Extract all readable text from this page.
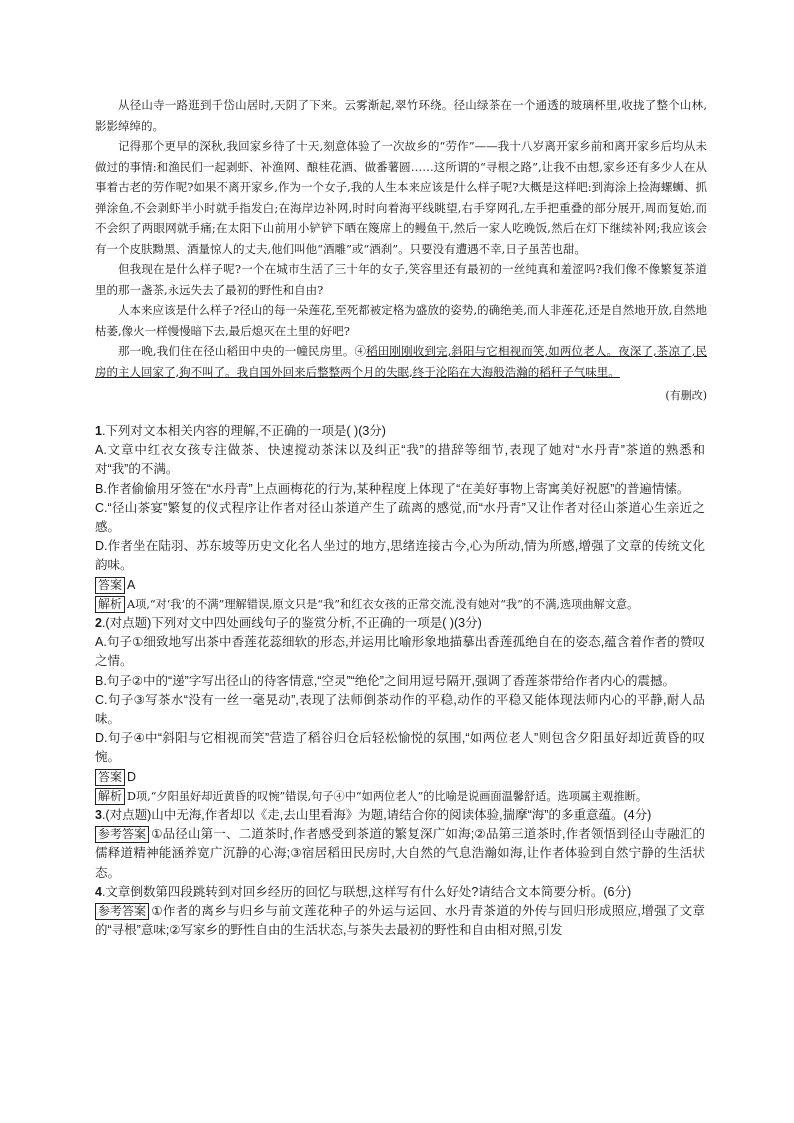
从径山寺一路逛到千岱山居时,天阴了下来。云雾渐起,翠竹环绕。径山绿茶在一个通透的玻璃杯里,收拢了整个山林,影影绰绰的。

记得那个更早的深秋,我回家乡待了十天,刻意体验了一次故乡的“劳作”——我十八岁离开家乡前和离开家乡后均从未做过的事情:和渔民们一起剥虾、补渔网、酿桂花酒、做番薯圆……这所谓的“寻根之路”,让我不由想,家乡还有多少人在从事着古老的劳作呢?如果不离开家乡,作为一个女子,我的人生本来应该是什么样子呢?大概是这样吧:到海涂上捡海螺蛳、抓弹涂鱼,不会剥虾半小时就手指发白;在海岸边补网,时时向着海平线眺望,右手穿网孔,左手把重叠的部分展开,周而复始,而不会织了两眼网就手痛;在太阳下山前用小铲铲下晒在篾席上的鳗鱼干,然后一家人吃晚饭,然后在灯下继续补网;我应该会有一个皮肤黝黑、酒量惊人的丈夫,他们叫他“酒雕”或“酒刹”。只要没有遭遇不幸,日子虽苦也甜。

但我现在是什么样子呢?一个在城市生活了三十年的女子,笑容里还有最初的一丝纯真和羞涩吗?我们像不像繁复茶道里的那一盏茶,永远失去了最初的野性和自由?

人本来应该是什么样子?径山的每一朵莲花,至死都被定格为盛放的姿势,的确绝美,而人非莲花,还是自然地开放,自然地枯萎,像火一样慢慢暗下去,最后熄灭在土里的好吧?

那一晚,我们住在径山稻田中央的一幢民房里。④稻田刚刚收到完,斜阳与它相视而笑,如两位老人。夜深了,茶凉了,民房的主人回家了,狗不叫了。我自国外回来后整整两个月的失眠,终于沦陷在大海般浩瀚的稻秆子气味里。

(有删改)
1.下列对文本相关内容的理解,不正确的一项是( )(3分)
A.文章中红衣女孩专注做茶、快速搅动茶沫以及纠正“我”的措辞等细节,表现了她对“水丹青”茶道的熟悉和对“我”的不满。
B.作者偷偷用牙签在“水丹青”上点画梅花的行为,某种程度上体现了“在美好事物上寄寓美好祝愿”的普遍情愫。
C.“径山茶宴”繁复的仪式程序让作者对径山茶道产生了疏离的感觉,而“水丹青”又让作者对径山茶道心生亲近之感。
D.作者坐在陆羽、苏东坡等历史文化名人坐过的地方,思绪连接古今,心为所动,情为所感,增强了文章的传统文化韵味。
答案 A
解析 A项,“对‘我’的不满”理解错误,原文只是“我”和红衣女孩的正常交流,没有她对“我”的不满,选项曲解文意。
2.(对点题)下列对文中四处画线句子的鉴赏分析,不正确的一项是( )(3分)
A.句子①细致地写出茶中香莲花蕊细软的形态,并运用比喻形象地描摹出香莲孤绝自在的姿态,蕴含着作者的赞叹之情。
B.句子②中的“递”字写出径山的待客情意,“空灵”“绝伦”之间用逗号隔开,强调了香莲茶带给作者内心的震撼。
C.句子③写茶水“没有一丝一毫晃动”,表现了法师倒茶动作的平稳,动作的平稳又能体现法师内心的平静,耐人品味。
D.句子④中“斜阳与它相视而笑”营造了稻谷归仓后轻松愉悦的氛围,“如两位老人”则包含夕阳虽好却近黄昏的叹惋。
答案 D
解析 D项,“夕阳虽好却近黄昏的叹惋”错误,句子④中“如两位老人”的比喻是说画面温馨舒适。选项属主观推断。
3.(对点题)山中无海,作者却以《走,去山里看海》为题,请结合你的阅读体验,揣摩“海”的多重意蕴。(4分)
参考答案 ①品径山第一、二道茶时,作者感受到茶道的繁复深广如海;②品第三道茶时,作者领悟到径山寺融汇的儒释道精神能涵养宽广沉静的心海;③宿居稻田民房时,大自然的气息浩瀚如海,让作者体验到自然宁静的生活状态。
4.文章倒数第四段跳转到对回乡经历的回忆与联想,这样写有什么好处?请结合文本简要分析。(6分)
参考答案 ①作者的离乡与归乡与前文莲花种子的外运与运回、水丹青茶道的外传与回归形成照应,增强了文章的“寻根”意味;②写家乡的野性自由的生活状态,与茶失去最初的野性和自由相对照,引发
